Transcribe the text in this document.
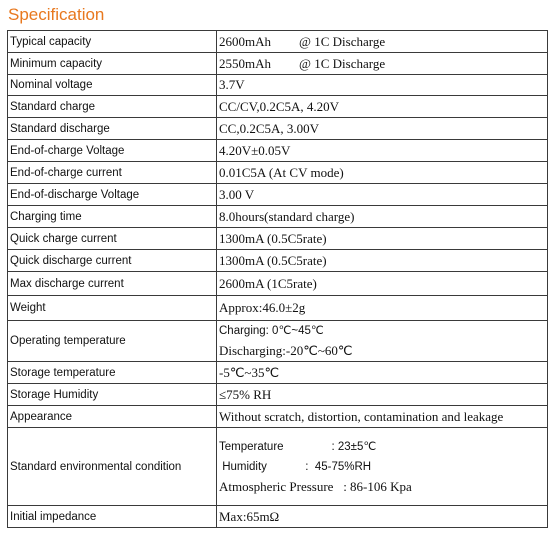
Specification
Typical capacity	2600mAh @ 1C Discharge
Minimum capacity	2550mAh @ 1C Discharge
Nominal voltage	3.7V
Standard charge	CC/CV,0.2C5A, 4.20V
Standard discharge	CC,0.2C5A, 3.00V
End-of-charge Voltage	4.20V±0.05V
End-of-charge current	0.01C5A (At CV mode)
End-of-discharge Voltage	3.00 V
Charging time	8.0hours(standard charge)
Quick charge current	1300mA (0.5C5rate)
Quick discharge current	1300mA (0.5C5rate)
Max discharge current	2600mA (1C5rate)
Weight	Approx:46.0±2g
Operating temperature	Charging: 0℃~45℃
Discharging:-20℃~60℃

Storage temperature	-5℃~35℃
Storage Humidity	≤75% RH
Appearance	Without scratch, distortion, contamination and leakage
Standard environmental condition	Temperature               : 23±5℃
Humidity            :  45-75%RH
Atmospheric Pressure   : 86-106 Kpa

Initial impedance	Max:65mΩ
